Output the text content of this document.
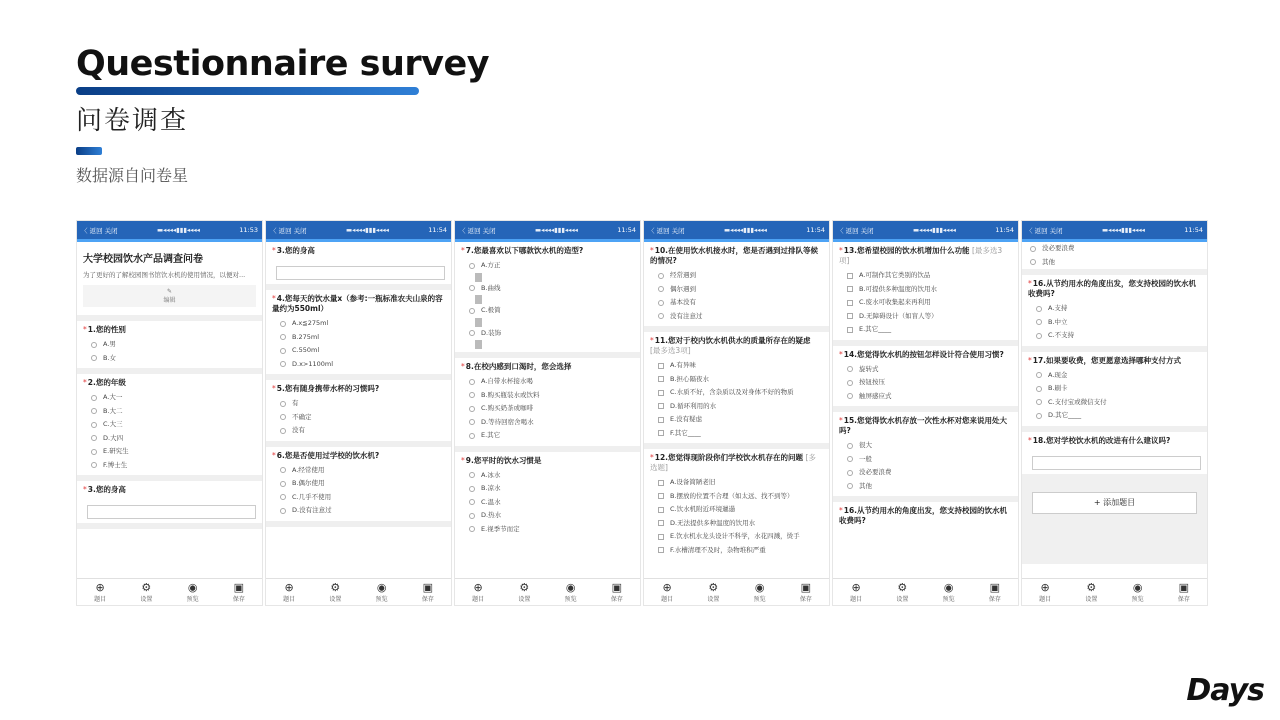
Questionnaire survey
问卷调查
数据源自问卷星
Days
〈 返回 关闭	▬◂◂◂◂▮▮▮◂◂◂◂	11:53
大学校园饮水产品调查问卷
为了更好的了解校园图书馆饮水机的使用情况，以便对...
✎
编辑
*1.您的性别
A.男
B.女
*2.您的年级
A.大一
B.大二
C.大三
D.大四
E.研究生
F.博士生
*3.您的身高
⊕
题目
⚙
设置
◉
预览
▣
保存
〈 返回 关闭	▬◂◂◂◂▮▮▮◂◂◂◂	11:54
*3.您的身高
*4.您每天的饮水量x（参考:一瓶标准农夫山泉的容量约为550ml）
A.x≦275ml
B.275ml
C.550ml
D.x>1100ml
*5.您有随身携带水杯的习惯吗?
有
不确定
没有
*6.您是否使用过学校的饮水机?
A.经常使用
B.偶尔使用
C.几乎不使用
D.没有注意过
⊕
题目
⚙
设置
◉
预览
▣
保存
〈 返回 关闭	▬◂◂◂◂▮▮▮◂◂◂◂	11:54
*7.您最喜欢以下哪款饮水机的造型?
A.方正
B.曲线
C.极简
D.装饰
*8.在校内感到口渴时，您会选择
A.自带水杯接水喝
B.购买瓶装水或饮料
C.购买奶茶或咖啡
D.等待回宿舍喝水
E.其它
*9.您平时的饮水习惯是
A.冰水
B.凉水
C.温水
D.热水
E.视季节而定
⊕
题目
⚙
设置
◉
预览
▣
保存
〈 返回 关闭	▬◂◂◂◂▮▮▮◂◂◂◂	11:54
*10.在使用饮水机接水时，您是否遇到过排队等候的情况?
经常遇到
偶尔遇到
基本没有
没有注意过
*11.您对于校内饮水机供水的质量所存在的疑虑 [最多选3项]
A.有异味
B.担心隔夜水
C.水质不好，含杂质以及对身体不好的物质
D.循环利用的水
E.没有疑虑
F.其它____
*12.您觉得现阶段你们学校饮水机存在的问题 [多选题]
A.设备简陋老旧
B.摆放的位置不合理（如太远、找不到等）
C.饮水机附近环境邋遢
D.无法提供多种温度的饮用水
E.饮水机水龙头设计不科学，水花四溅，烫手
F.水槽清理不及时，杂物堆积严重
⊕
题目
⚙
设置
◉
预览
▣
保存
〈 返回 关闭	▬◂◂◂◂▮▮▮◂◂◂◂	11:54
*13.您希望校园的饮水机增加什么功能 [最多选3项]
A.可制作其它类别的饮品
B.可提供多种温度的饮用水
C.废水可收集起来再利用
D.无障碍设计（如盲人等）
E.其它____
*14.您觉得饮水机的按钮怎样设计符合使用习惯?
旋转式
按钮按压
触屏感应式
*15.您觉得饮水机存放一次性水杯对您来说用处大吗?
很大
一般
没必要浪费
其他
*16.从节约用水的角度出发，您支持校园的饮水机收费吗?
⊕
题目
⚙
设置
◉
预览
▣
保存
〈 返回 关闭	▬◂◂◂◂▮▮▮◂◂◂◂	11:54
没必要浪费
其他
*16.从节约用水的角度出发，您支持校园的饮水机收费吗?
A.支持
B.中立
C.不支持
*17.如果要收费，您更愿意选择哪种支付方式
A.现金
B.刷卡
C.支付宝或微信支付
D.其它____
*18.您对学校饮水机的改进有什么建议吗?
+ 添加题目
⊕
题目
⚙
设置
◉
预览
▣
保存
